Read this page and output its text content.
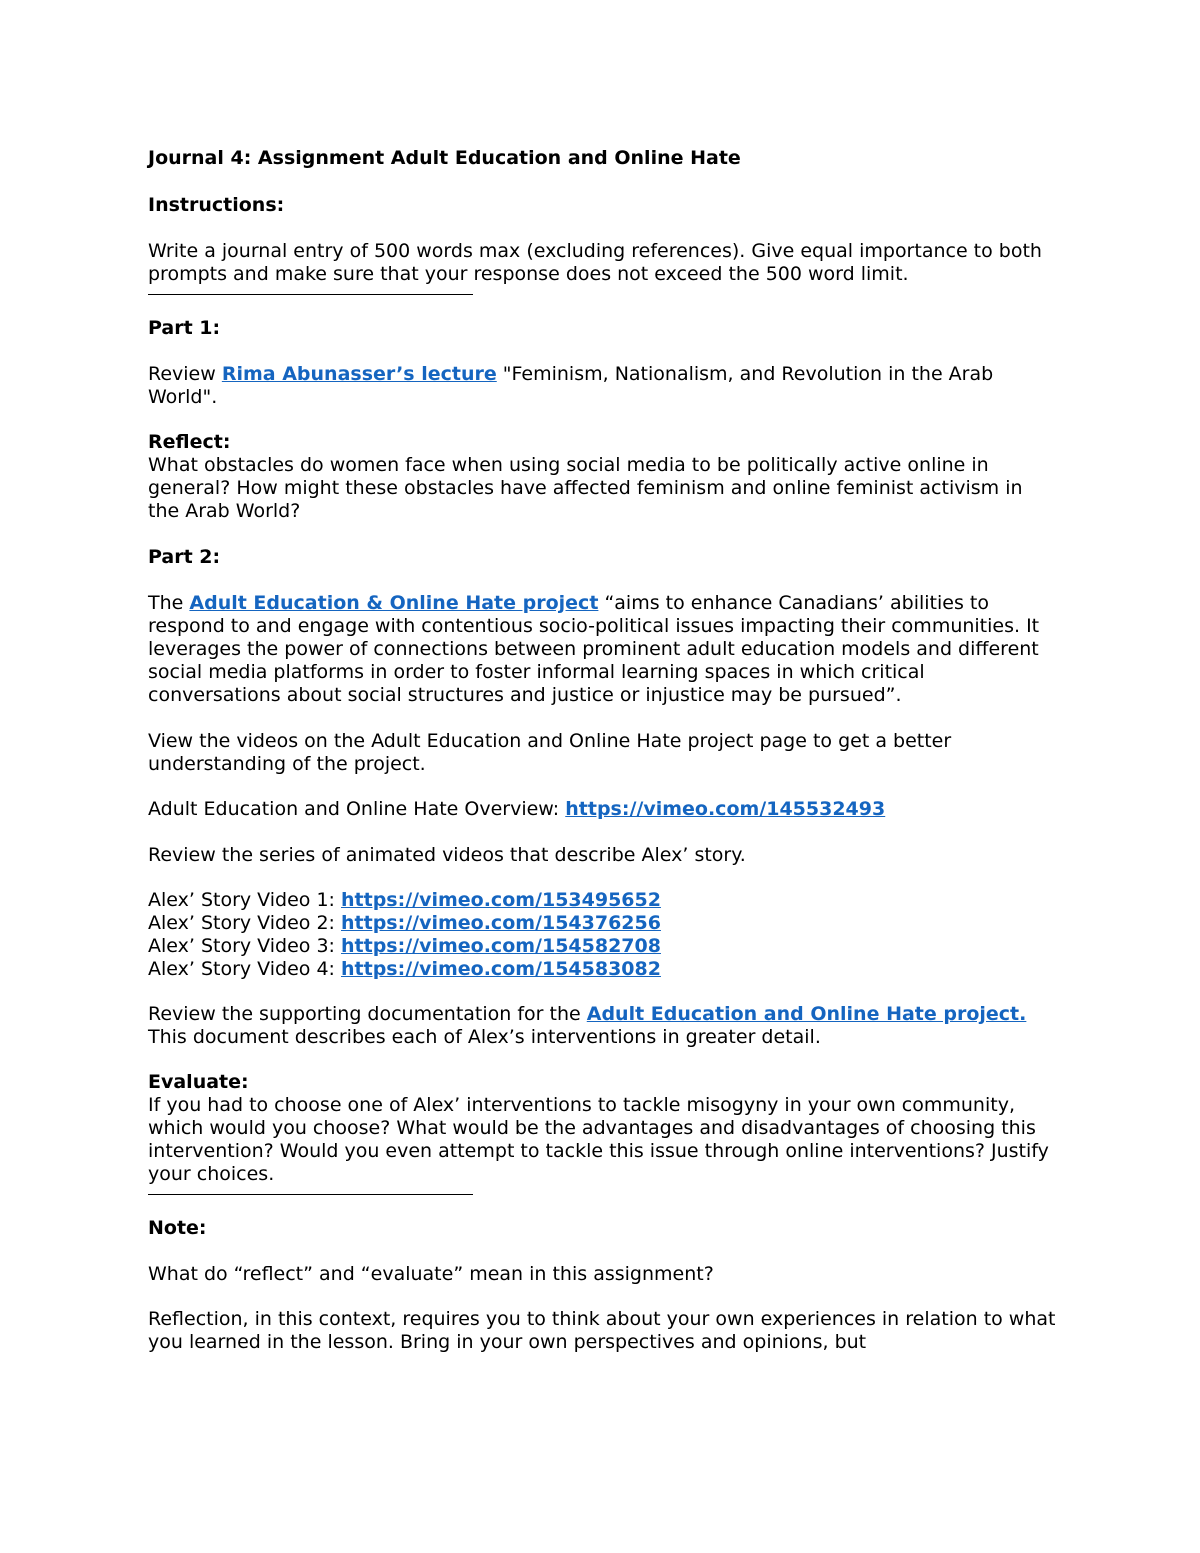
Journal 4: Assignment Adult Education and Online Hate

Instructions:

Write a journal entry of 500 words max (excluding references). Give equal importance to both prompts and make sure that your response does not exceed the 500 word limit.

Part 1:

Review Rima Abunasser’s lecture "Feminism, Nationalism, and Revolution in the Arab World".

Reflect:

What obstacles do women face when using social media to be politically active online in general? How might these obstacles have affected feminism and online feminist activism in the Arab World?

Part 2:

The Adult Education & Online Hate project “aims to enhance Canadians’ abilities to respond to and engage with contentious socio-political issues impacting their communities. It leverages the power of connections between prominent adult education models and different social media platforms in order to foster informal learning spaces in which critical conversations about social structures and justice or injustice may be pursued”.

View the videos on the Adult Education and Online Hate project page to get a better understanding of the project.

Adult Education and Online Hate Overview: https://vimeo.com/145532493

Review the series of animated videos that describe Alex’ story.

Alex’ Story Video 1: https://vimeo.com/153495652

Alex’ Story Video 2: https://vimeo.com/154376256

Alex’ Story Video 3: https://vimeo.com/154582708

Alex’ Story Video 4: https://vimeo.com/154583082

Review the supporting documentation for the Adult Education and Online Hate project.

This document describes each of Alex’s interventions in greater detail.

Evaluate:

If you had to choose one of Alex’ interventions to tackle misogyny in your own community, which would you choose? What would be the advantages and disadvantages of choosing this intervention? Would you even attempt to tackle this issue through online interventions? Justify your choices.

Note:

What do “reflect” and “evaluate” mean in this assignment?

Reflection, in this context, requires you to think about your own experiences in relation to what you learned in the lesson. Bring in your own perspectives and opinions, but
